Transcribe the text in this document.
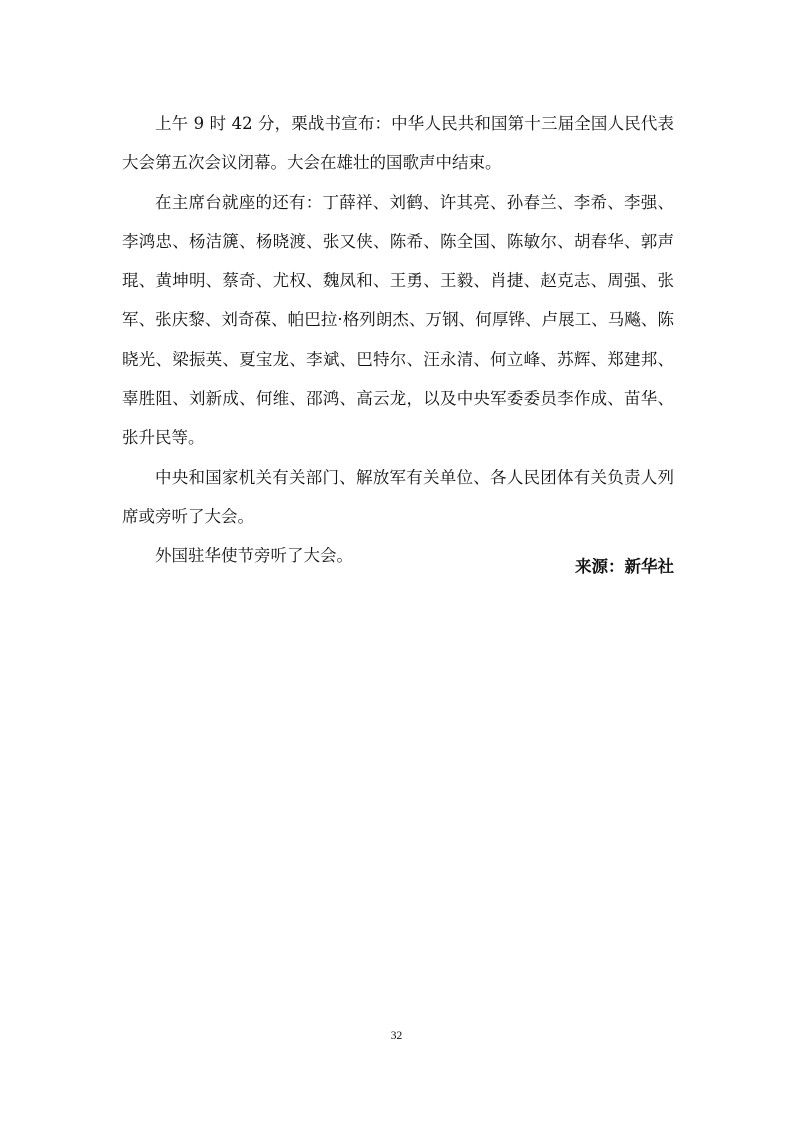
上午 9 时 42 分，栗战书宣布：中华人民共和国第十三届全国人民代表大会第五次会议闭幕。大会在雄壮的国歌声中结束。

在主席台就座的还有：丁薛祥、刘鹤、许其亮、孙春兰、李希、李强、李鸿忠、杨洁篪、杨晓渡、张又侠、陈希、陈全国、陈敏尔、胡春华、郭声琨、黄坤明、蔡奇、尤权、魏凤和、王勇、王毅、肖捷、赵克志、周强、张军、张庆黎、刘奇葆、帕巴拉·格列朗杰、万钢、何厚铧、卢展工、马飚、陈晓光、梁振英、夏宝龙、李斌、巴特尔、汪永清、何立峰、苏辉、郑建邦、辜胜阻、刘新成、何维、邵鸿、高云龙，以及中央军委委员李作成、苗华、张升民等。

中央和国家机关有关部门、解放军有关单位、各人民团体有关负责人列席或旁听了大会。

外国驻华使节旁听了大会。

来源：新华社
32
